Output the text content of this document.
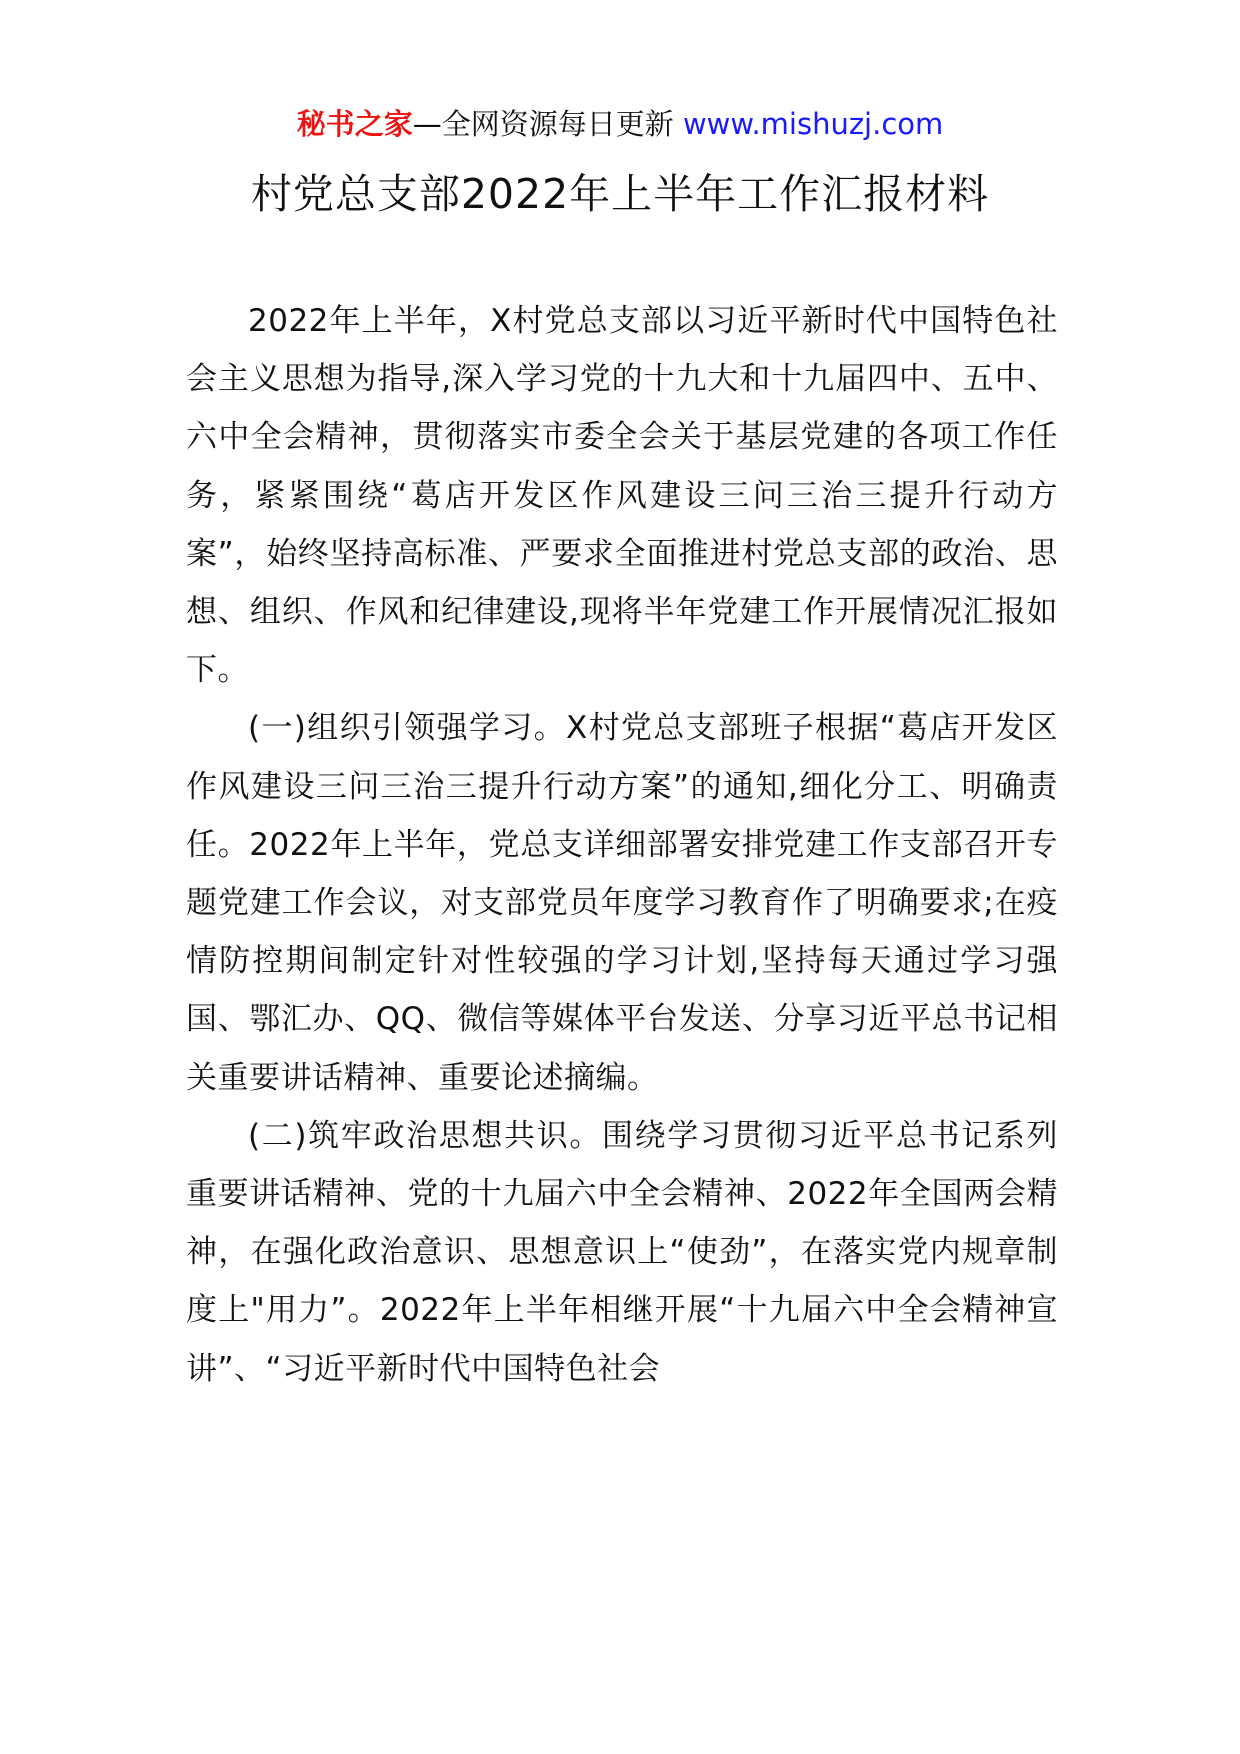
秘书之家—全网资源每日更新 www.mishuzj.com
村党总支部2022年上半年工作汇报材料

2022年上半年，X村党总支部以习近平新时代中国特色社会主义思想为指导,深入学习党的十九大和十九届四中、五中、六中全会精神，贯彻落实市委全会关于基层党建的各项工作任务，紧紧围绕“葛店开发区作风建设三问三治三提升行动方案”，始终坚持高标准、严要求全面推进村党总支部的政治、思想、组织、作风和纪律建设,现将半年党建工作开展情况汇报如下。

(一)组织引领强学习。X村党总支部班子根据“葛店开发区作风建设三问三治三提升行动方案”的通知,细化分工、明确责任。2022年上半年，党总支详细部署安排党建工作支部召开专题党建工作会议，对支部党员年度学习教育作了明确要求;在疫情防控期间制定针对性较强的学习计划,坚持每天通过学习强国、鄂汇办、QQ、微信等媒体平台发送、分享习近平总书记相关重要讲话精神、重要论述摘编。

(二)筑牢政治思想共识。围绕学习贯彻习近平总书记系列重要讲话精神、党的十九届六中全会精神、2022年全国两会精神，在强化政治意识、思想意识上“使劲”，在落实党内规章制度上"用力”。2022年上半年相继开展“十九届六中全会精神宣讲”、“习近平新时代中国特色社会
